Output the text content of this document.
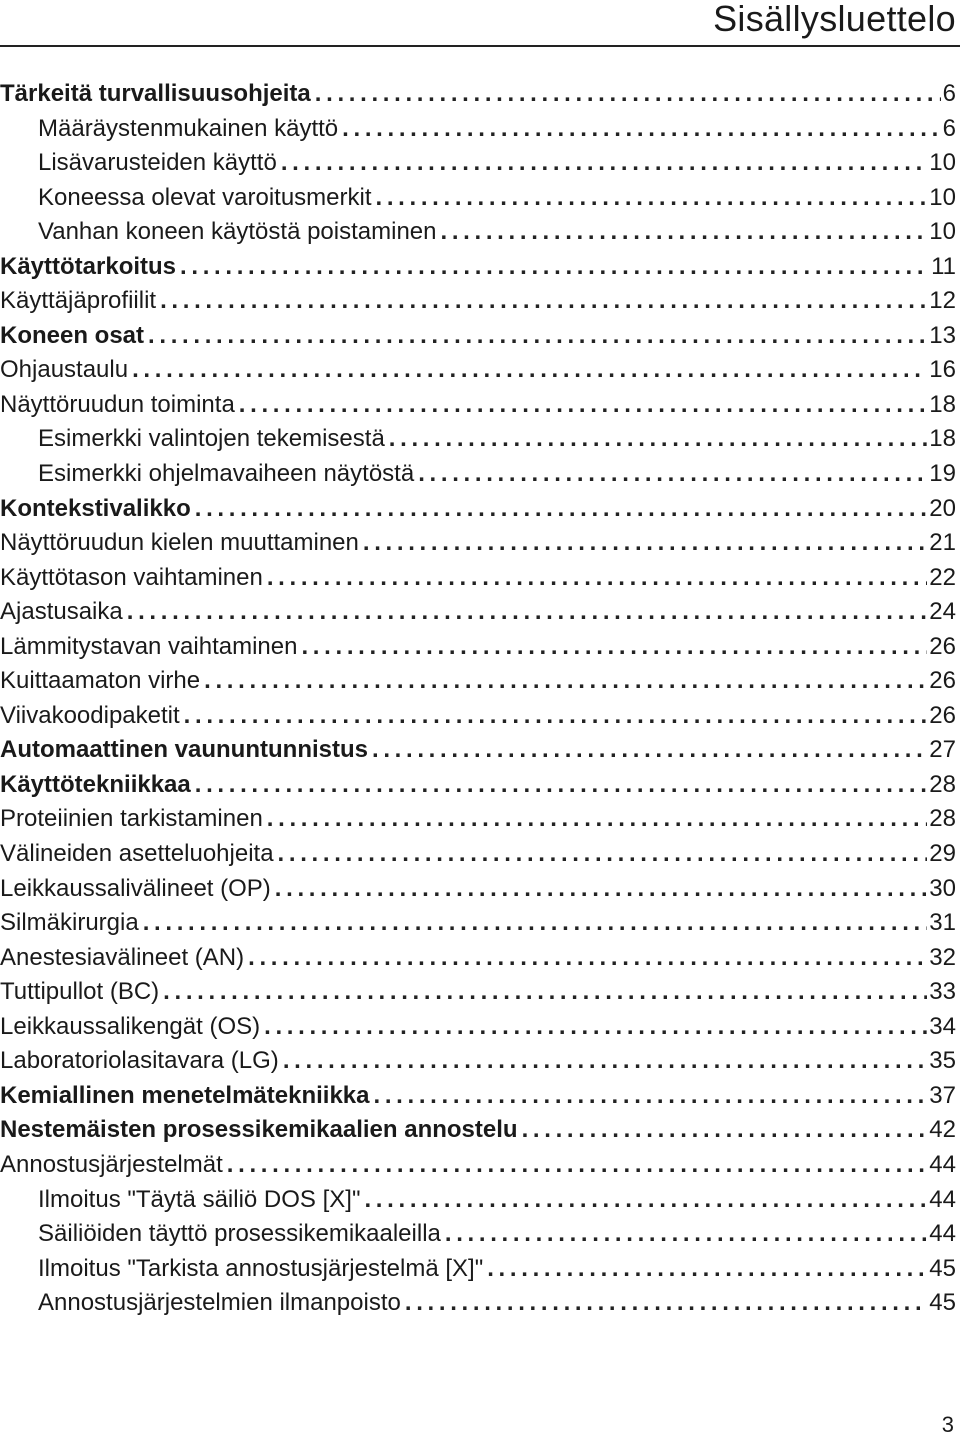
Sisällysluettelo
Tärkeitä turvallisuusohjeita . . .	6
Määräystenmukainen käyttö . . .	6
Lisävarusteiden käyttö . . .	10
Koneessa olevat varoitusmerkit . . .	10
Vanhan koneen käytöstä poistaminen . . .	10
Käyttötarkoitus . . .	11
Käyttäjäprofiilit . . .	12
Koneen osat . . .	13
Ohjaustaulu . . .	16
Näyttöruudun toiminta . . .	18
Esimerkki valintojen tekemisestä . . .	18
Esimerkki ohjelmavaiheen näytöstä . . .	19
Kontekstivalikko . . .	20
Näyttöruudun kielen muuttaminen . . .	21
Käyttötason vaihtaminen . . .	22
Ajastusaika . . .	24
Lämmitystavan vaihtaminen . . .	26
Kuittaamaton virhe . . .	26
Viivakoodipaketit . . .	26
Automaattinen vaununtunnistus . . .	27
Käyttötekniikkaa . . .	28
Proteiinien tarkistaminen . . .	28
Välineiden asetteluohjeita . . .	29
Leikkaussalivälineet (OP) . . .	30
Silmäkirurgia . . .	31
Anestesiavälineet (AN) . . .	32
Tuttipullot (BC) . . .	33
Leikkaussalikengät (OS) . . .	34
Laboratoriolasitavara (LG) . . .	35
Kemiallinen menetelmätekniikka . . .	37
Nestemäisten prosessikemikaalien annostelu . . .	42
Annostusjärjestelmät . . .	44
Ilmoitus "Täytä säiliö DOS [X]" . . .	44
Säiliöiden täyttö prosessikemikaaleilla . . .	44
Ilmoitus "Tarkista annostusjärjestelmä [X]" . . .	45
Annostusjärjestelmien ilmanpoisto . . .	45
3
